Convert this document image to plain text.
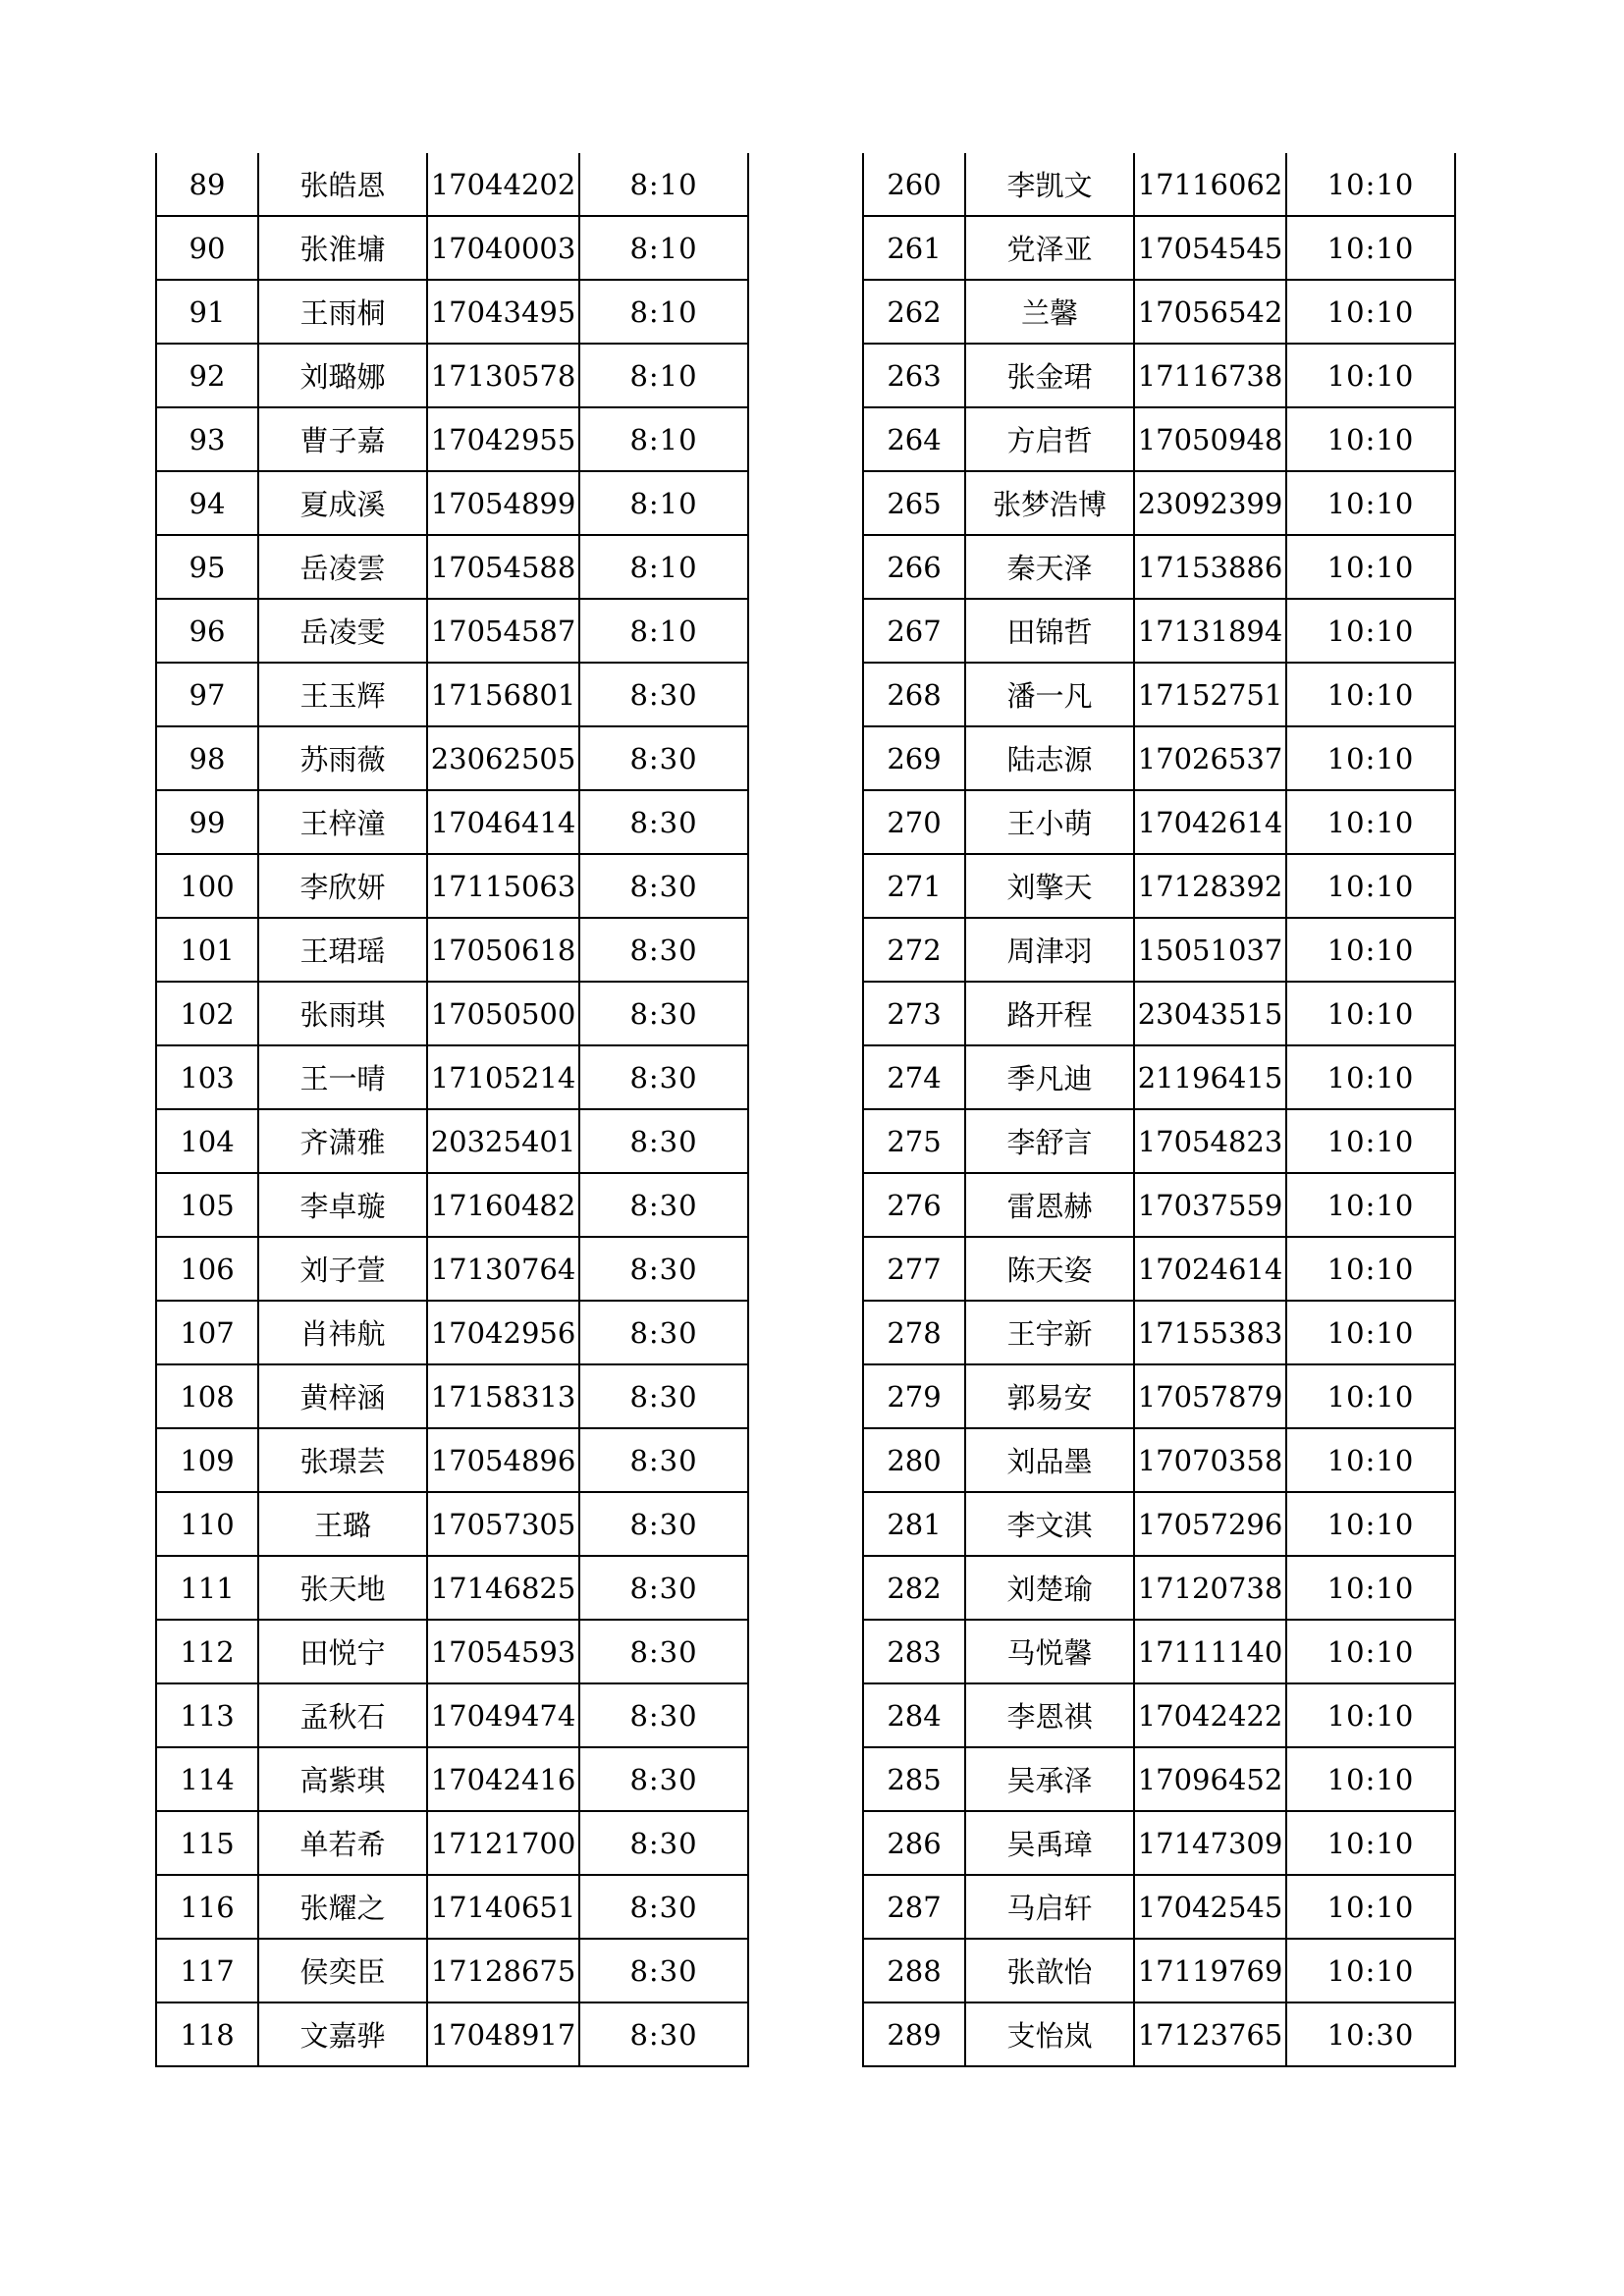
89	张皓恩	17044202	8:10
90	张淮墉	17040003	8:10
91	王雨桐	17043495	8:10
92	刘璐娜	17130578	8:10
93	曹子嘉	17042955	8:10
94	夏成溪	17054899	8:10
95	岳凌雲	17054588	8:10
96	岳凌雯	17054587	8:10
97	王玉辉	17156801	8:30
98	苏雨薇	23062505	8:30
99	王梓潼	17046414	8:30
100	李欣妍	17115063	8:30
101	王珺瑶	17050618	8:30
102	张雨琪	17050500	8:30
103	王一晴	17105214	8:30
104	齐潇雅	20325401	8:30
105	李卓璇	17160482	8:30
106	刘子萱	17130764	8:30
107	肖祎航	17042956	8:30
108	黄梓涵	17158313	8:30
109	张璟芸	17054896	8:30
110	王璐	17057305	8:30
111	张天地	17146825	8:30
112	田悦宁	17054593	8:30
113	孟秋石	17049474	8:30
114	高紫琪	17042416	8:30
115	单若希	17121700	8:30
116	张耀之	17140651	8:30
117	侯奕臣	17128675	8:30
118	文嘉骅	17048917	8:30
260	李凯文	17116062	10:10
261	党泽亚	17054545	10:10
262	兰馨	17056542	10:10
263	张金珺	17116738	10:10
264	方启哲	17050948	10:10
265	张梦浩博	23092399	10:10
266	秦天泽	17153886	10:10
267	田锦哲	17131894	10:10
268	潘一凡	17152751	10:10
269	陆志源	17026537	10:10
270	王小萌	17042614	10:10
271	刘擎天	17128392	10:10
272	周津羽	15051037	10:10
273	路开程	23043515	10:10
274	季凡迪	21196415	10:10
275	李舒言	17054823	10:10
276	雷恩赫	17037559	10:10
277	陈天姿	17024614	10:10
278	王宇新	17155383	10:10
279	郭易安	17057879	10:10
280	刘品墨	17070358	10:10
281	李文淇	17057296	10:10
282	刘楚瑜	17120738	10:10
283	马悦馨	17111140	10:10
284	李恩祺	17042422	10:10
285	吴承泽	17096452	10:10
286	吴禹璋	17147309	10:10
287	马启轩	17042545	10:10
288	张歆怡	17119769	10:10
289	支怡岚	17123765	10:30
